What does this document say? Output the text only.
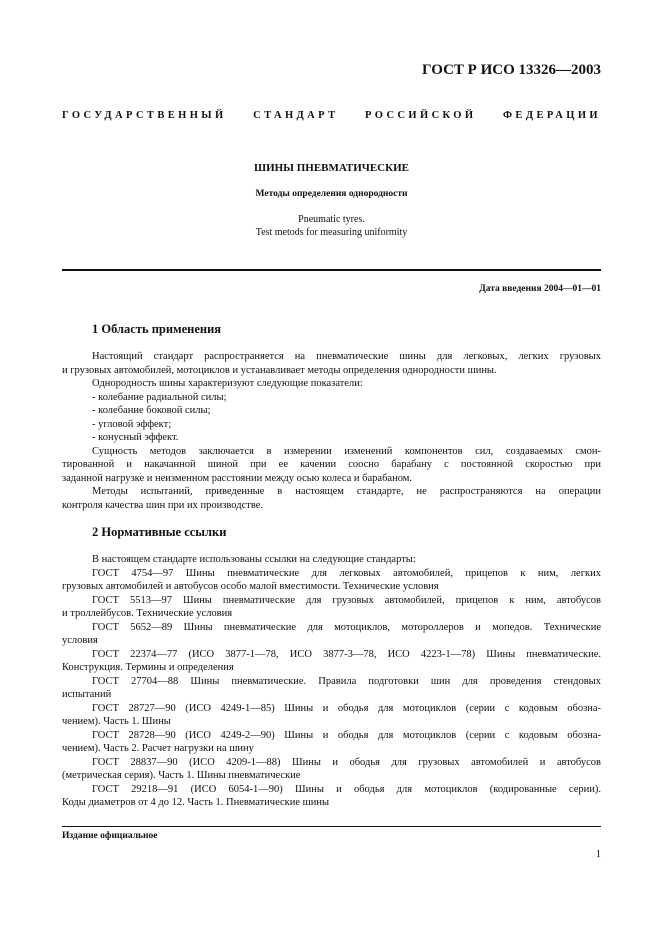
ГОСТ Р ИСО 13326—2003
ГОСУДАРСТВЕННЫЙ СТАНДАРТ РОССИЙСКОЙ ФЕДЕРАЦИИ
ШИНЫ ПНЕВМАТИЧЕСКИЕ
Методы определения однородности
Pneumatic tyres.
Test metods for measuring uniformity
Дата введения 2004—01—01
1 Область применения

Настоящий стандарт распространяется на пневматические шины для легковых, легких грузовых

и грузовых автомобилей, мотоциклов и устанавливает методы определения однородности шины.

Однородность шины характеризуют следующие показатели:

- колебание радиальной силы;

- колебание боковой силы;

- угловой эффект;

- конусный эффект.

Сущность методов заключается в измерении изменений компонентов сил, создаваемых смон-

тированной и накачанной шиной при ее качении соосно барабану с постоянной скоростью при

заданной нагрузке и неизменном расстоянии между осью колеса и барабаном.

Методы испытаний, приведенные в настоящем стандарте, не распространяются на операции

контроля качества шин при их производстве.

2 Нормативные ссылки

В настоящем стандарте использованы ссылки на следующие стандарты:

ГОСТ 4754—97 Шины пневматические для легковых автомобилей, прицепов к ним, легких

грузовых автомобилей и автобусов особо малой вместимости. Технические условия

ГОСТ 5513—97 Шины пневматические для грузовых автомобилей, прицепов к ним, автобусов

и троллейбусов. Технические условия

ГОСТ 5652—89 Шины пневматические для мотоциклов, мотороллеров и мопедов. Технические

условия

ГОСТ 22374—77 (ИСО 3877-1—78, ИСО 3877-3—78, ИСО 4223-1—78) Шины пневматические.

Конструкция. Термины и определения

ГОСТ 27704—88 Шины пневматические. Правила подготовки шин для проведения стендовых

испытаний

ГОСТ 28727—90 (ИСО 4249-1—85) Шины и ободья для мотоциклов (серии с кодовым обозна-

чением). Часть 1. Шины

ГОСТ 28728—90 (ИСО 4249-2—90) Шины и ободья для мотоциклов (серии с кодовым обозна-

чением). Часть 2. Расчет нагрузки на шину

ГОСТ 28837—90 (ИСО 4209-1—88) Шины и ободья для грузовых автомобилей и автобусов

(метрическая серия). Часть 1. Шины пневматические

ГОСТ 29218—91 (ИСО 6054-1—90) Шины и ободья для мотоциклов (кодированные серии).

Коды диаметров от 4 до 12. Часть 1. Пневматические шины

Издание официальное
1
